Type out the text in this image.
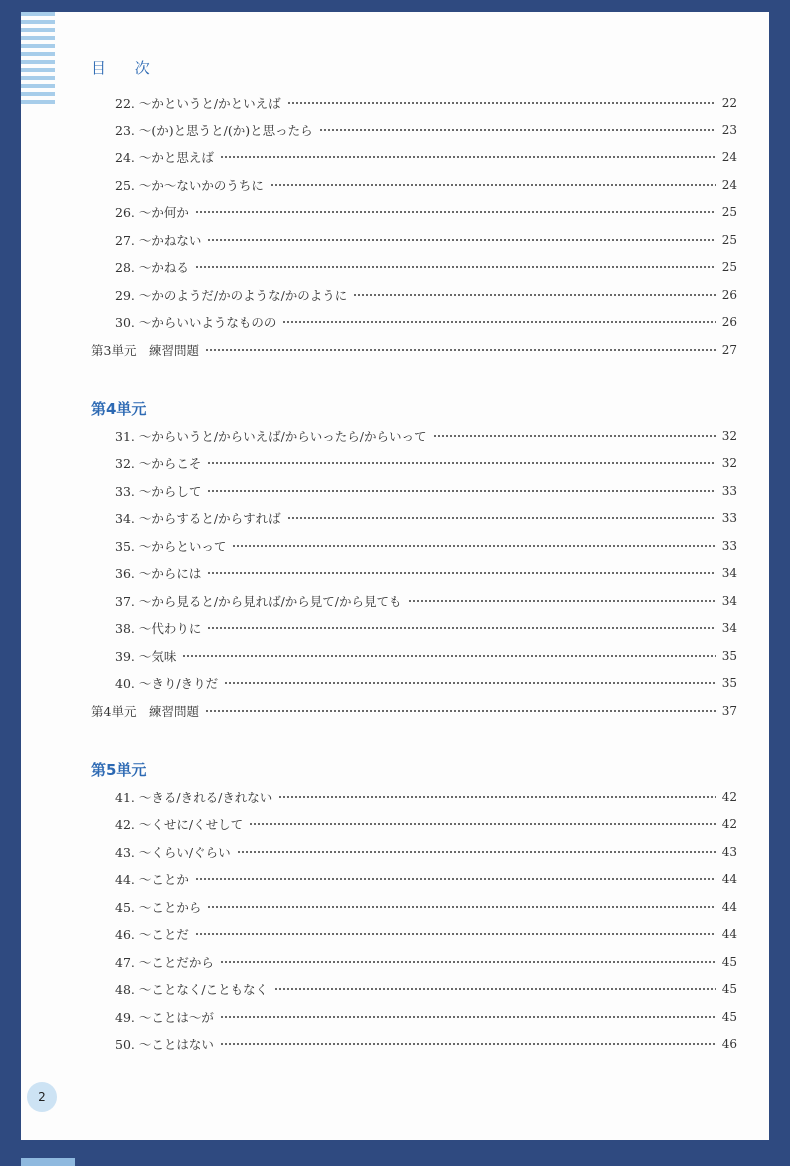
目 次
22. ～かというと/かといえば	22
23. ～(か)と思うと/(か)と思ったら	23
24. ～かと思えば	24
25. ～か～ないかのうちに	24
26. ～か何か	25
27. ～かねない	25
28. ～かねる	25
29. ～かのようだ/かのような/かのように	26
30. ～からいいようなものの	26
第3単元　練習問題	27
第4単元
31. ～からいうと/からいえば/からいったら/からいって	32
32. ～からこそ	32
33. ～からして	33
34. ～からすると/からすれば	33
35. ～からといって	33
36. ～からには	34
37. ～から見ると/から見れば/から見て/から見ても	34
38. ～代わりに	34
39. ～気味	35
40. ～きり/きりだ	35
第4単元　練習問題	37
第5単元
41. ～きる/きれる/きれない	42
42. ～くせに/くせして	42
43. ～くらい/ぐらい	43
44. ～ことか	44
45. ～ことから	44
46. ～ことだ	44
47. ～ことだから	45
48. ～ことなく/こともなく	45
49. ～ことは～が	45
50. ～ことはない	46
2
